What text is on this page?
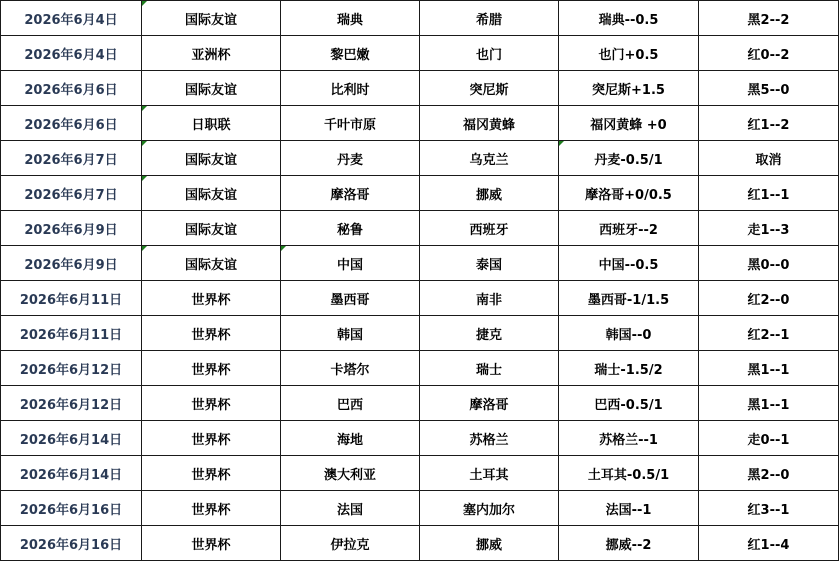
2026年6月4日	国际友谊	瑞典	希腊	瑞典--0.5	黑2--2
2026年6月4日	亚洲杯	黎巴嫩	也门	也门+0.5	红0--2
2026年6月6日	国际友谊	比利时	突尼斯	突尼斯+1.5	黑5--0
2026年6月6日	日职联	千叶市原	福冈黄蜂	福冈黄蜂 +0	红1--2
2026年6月7日	国际友谊	丹麦	乌克兰	丹麦-0.5/1	取消
2026年6月7日	国际友谊	摩洛哥	挪威	摩洛哥+0/0.5	红1--1
2026年6月9日	国际友谊	秘鲁	西班牙	西班牙--2	走1--3
2026年6月9日	国际友谊	中国	泰国	中国--0.5	黑0--0
2026年6月11日	世界杯	墨西哥	南非	墨西哥-1/1.5	红2--0
2026年6月11日	世界杯	韩国	捷克	韩国--0	红2--1
2026年6月12日	世界杯	卡塔尔	瑞士	瑞士-1.5/2	黑1--1
2026年6月12日	世界杯	巴西	摩洛哥	巴西-0.5/1	黑1--1
2026年6月14日	世界杯	海地	苏格兰	苏格兰--1	走0--1
2026年6月14日	世界杯	澳大利亚	土耳其	土耳其-0.5/1	黑2--0
2026年6月16日	世界杯	法国	塞内加尔	法国--1	红3--1
2026年6月16日	世界杯	伊拉克	挪威	挪威--2	红1--4
